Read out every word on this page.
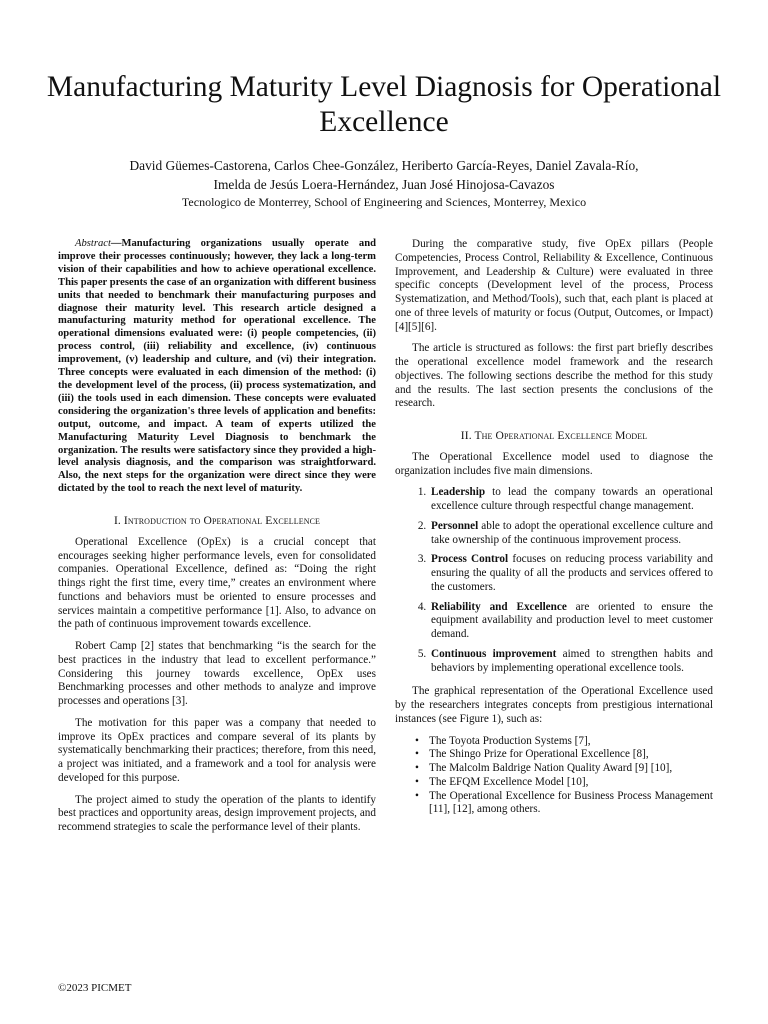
Manufacturing Maturity Level Diagnosis for Operational Excellence
David Güemes-Castorena, Carlos Chee-González, Heriberto García-Reyes, Daniel Zavala-Río,
Imelda de Jesús Loera-Hernández, Juan José Hinojosa-Cavazos
Tecnologico de Monterrey, School of Engineering and Sciences, Monterrey, Mexico

Abstract—Manufacturing organizations usually operate and improve their processes continuously; however, they lack a long-term vision of their capabilities and how to achieve operational excellence. This paper presents the case of an organization with different business units that needed to benchmark their manufacturing purposes and diagnose their maturity level. This research article designed a manufacturing maturity method for operational excellence. The operational dimensions evaluated were: (i) people competencies, (ii) process control, (iii) reliability and excellence, (iv) continuous improvement, (v) leadership and culture, and (vi) their integration. Three concepts were evaluated in each dimension of the method: (i) the development level of the process, (ii) process systematization, and (iii) the tools used in each dimension. These concepts were evaluated considering the organization's three levels of application and benefits: output, outcome, and impact. A team of experts utilized the Manufacturing Maturity Level Diagnosis to benchmark the organization. The results were satisfactory since they provided a high-level analysis diagnosis, and the comparison was straightforward. Also, the next steps for the organization were direct since they were dictated by the tool to reach the next level of maturity.

I. Introduction to Operational Excellence

Operational Excellence (OpEx) is a crucial concept that encourages seeking higher performance levels, even for consolidated companies. Operational Excellence, defined as: “Doing the right things right the first time, every time,” creates an environment where functions and behaviors must be oriented to ensure processes and services maintain a competitive performance [1]. Also, to advance on the path of continuous improvement towards excellence.

Robert Camp [2] states that benchmarking “is the search for the best practices in the industry that lead to excellent performance.” Considering this journey towards excellence, OpEx uses Benchmarking processes and other methods to analyze and improve processes and operations [3].

The motivation for this paper was a company that needed to improve its OpEx practices and compare several of its plants by systematically benchmarking their practices; therefore, from this need, a project was initiated, and a framework and a tool for analysis were developed for this purpose.

The project aimed to study the operation of the plants to identify best practices and opportunity areas, design improvement projects, and recommend strategies to scale the performance level of their plants.

During the comparative study, five OpEx pillars (People Competencies, Process Control, Reliability & Excellence, Continuous Improvement, and Leadership & Culture) were evaluated in three specific concepts (Development level of the process, Process Systematization, and Method/Tools), such that, each plant is placed at one of three levels of maturity or focus (Output, Outcomes, or Impact) [4][5][6].

The article is structured as follows: the first part briefly describes the operational excellence model framework and the research objectives. The following sections describe the method for this study and the results. The last section presents the conclusions of the research.

II. The Operational Excellence Model

The Operational Excellence model used to diagnose the organization includes five main dimensions.

1. Leadership to lead the company towards an operational excellence culture through respectful change management.
2. Personnel able to adopt the operational excellence culture and take ownership of the continuous improvement process.
3. Process Control focuses on reducing process variability and ensuring the quality of all the products and services offered to the customers.
4. Reliability and Excellence are oriented to ensure the equipment availability and production level to meet customer demand.
5. Continuous improvement aimed to strengthen habits and behaviors by implementing operational excellence tools.

The graphical representation of the Operational Excellence used by the researchers integrates concepts from prestigious international instances (see Figure 1), such as:

• The Toyota Production Systems [7],
• The Shingo Prize for Operational Excellence [8],
• The Malcolm Baldrige Nation Quality Award [9] [10],
• The EFQM Excellence Model [10],
• The Operational Excellence for Business Process Management [11], [12], among others.
©2023 PICMET
